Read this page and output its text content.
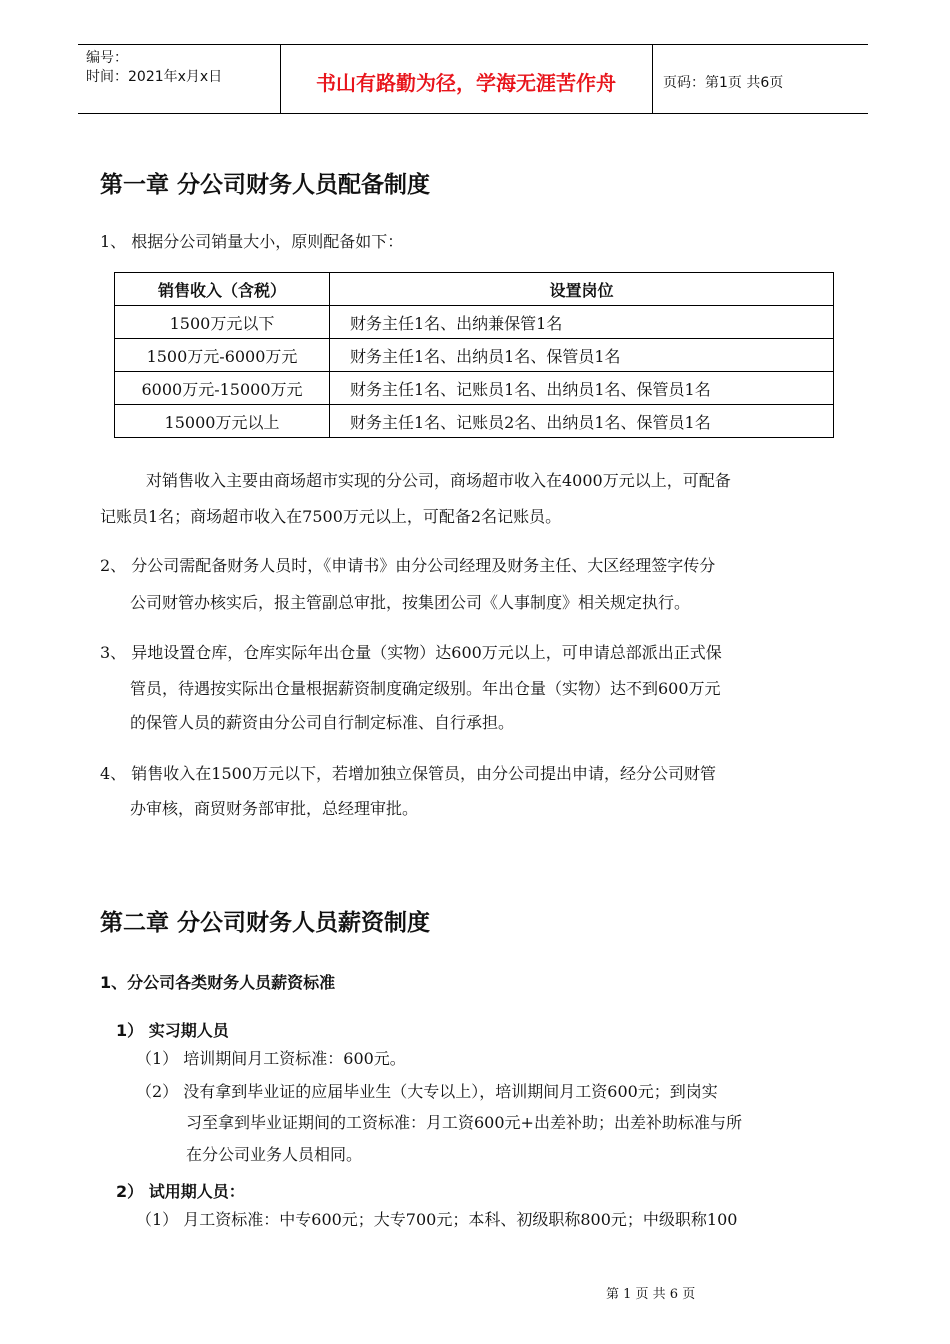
编号：
时间：2021年x月x日	书山有路勤为径，学海无涯苦作舟	页码：第1页 共6页
第一章 分公司财务人员配备制度
1、 根据分公司销量大小，原则配备如下：
销售收入（含税）	设置岗位
1500万元以下	财务主任1名、出纳兼保管1名
1500万元-6000万元	财务主任1名、出纳员1名、保管员1名
6000万元-15000万元	财务主任1名、记账员1名、出纳员1名、保管员1名
15000万元以上	财务主任1名、记账员2名、出纳员1名、保管员1名
对销售收入主要由商场超市实现的分公司，商场超市收入在4000万元以上，可配备
记账员1名；商场超市收入在7500万元以上，可配备2名记账员。
2、 分公司需配备财务人员时，《申请书》由分公司经理及财务主任、大区经理签字传分
公司财管办核实后，报主管副总审批，按集团公司《人事制度》相关规定执行。
3、 异地设置仓库，仓库实际年出仓量（实物）达600万元以上，可申请总部派出正式保
管员，待遇按实际出仓量根据薪资制度确定级别。年出仓量（实物）达不到600万元
的保管人员的薪资由分公司自行制定标准、自行承担。
4、 销售收入在1500万元以下，若增加独立保管员，由分公司提出申请，经分公司财管
办审核，商贸财务部审批，总经理审批。
第二章 分公司财务人员薪资制度
1、分公司各类财务人员薪资标准
1） 实习期人员
（1） 培训期间月工资标准：600元。
（2） 没有拿到毕业证的应届毕业生（大专以上），培训期间月工资600元；到岗实
习至拿到毕业证期间的工资标准：月工资600元+出差补助；出差补助标准与所
在分公司业务人员相同。
2） 试用期人员：
（1） 月工资标准：中专600元；大专700元；本科、初级职称800元；中级职称100
第 1 页 共 6 页
